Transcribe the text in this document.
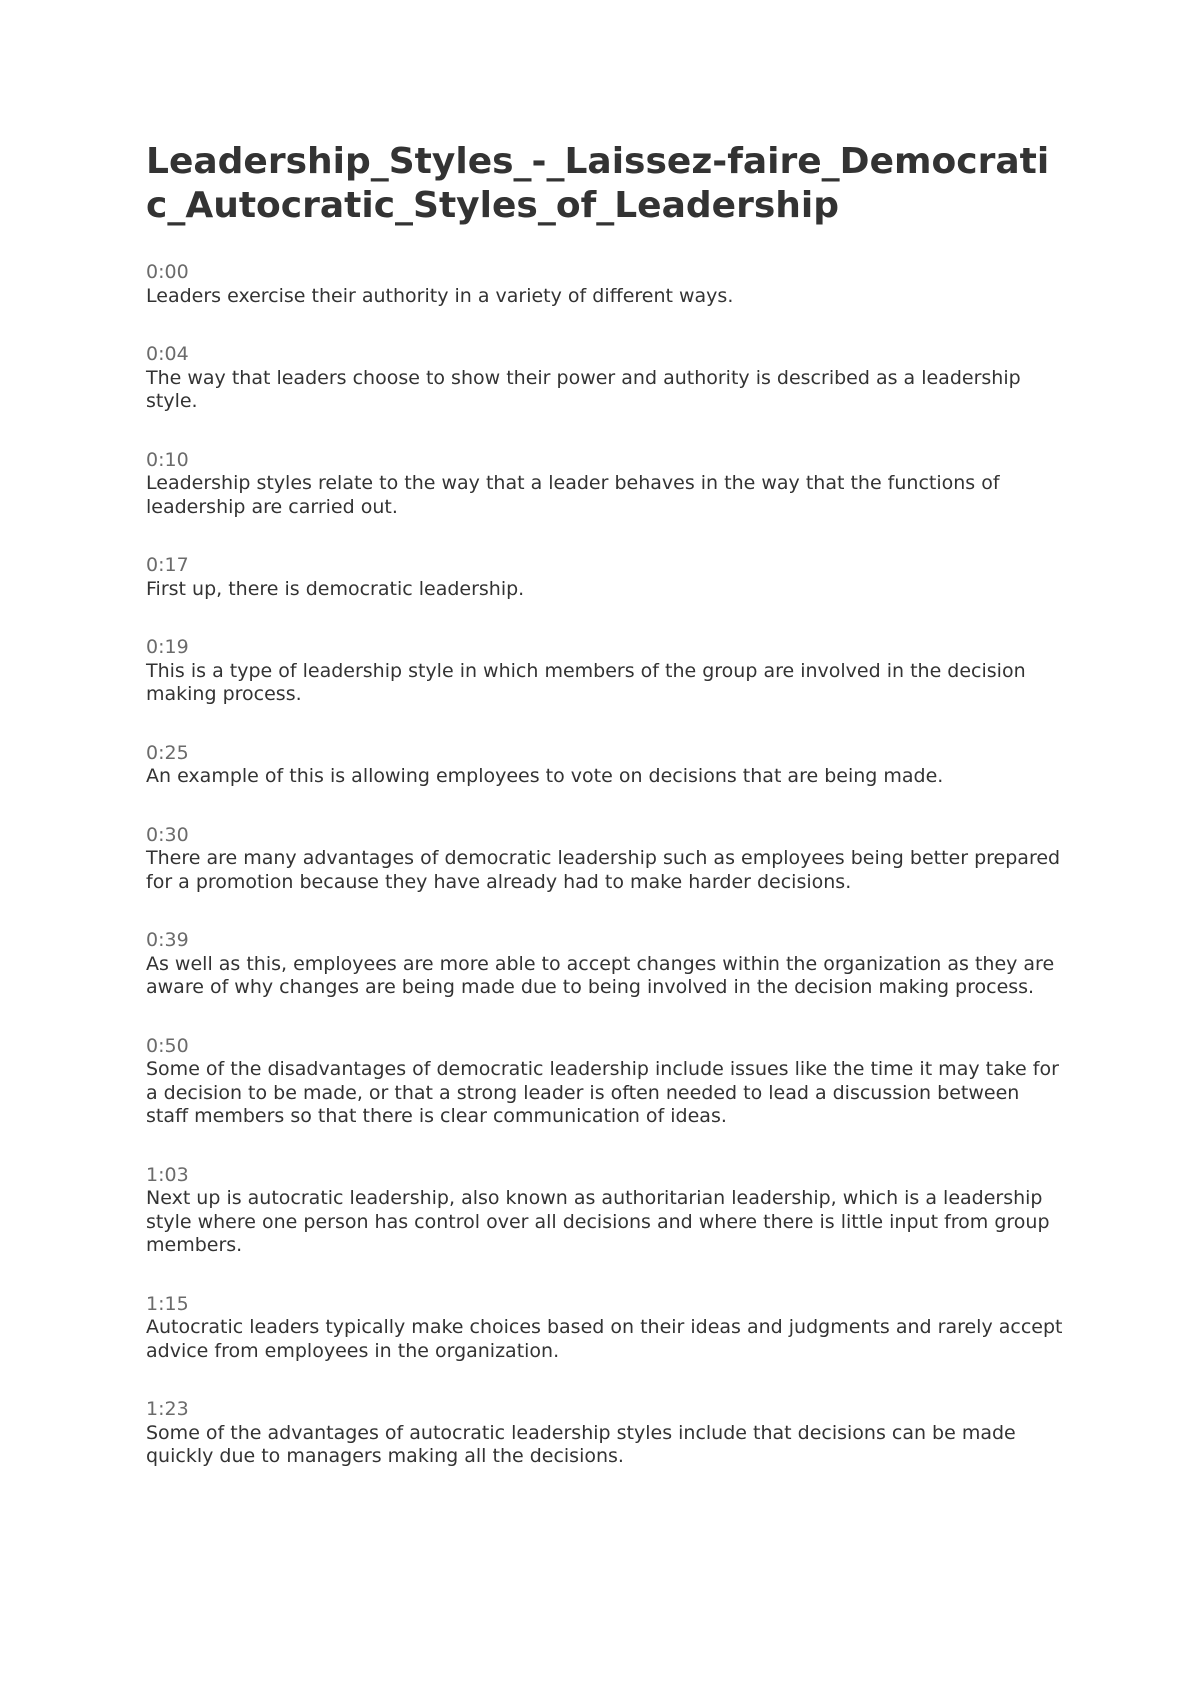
Leadership_Styles_-_Laissez-faire_Democratic_Autocratic_Styles_of_Leadership
0:00
Leaders exercise their authority in a variety of different ways.
0:04
The way that leaders choose to show their power and authority is described as a leadership style.
0:10
Leadership styles relate to the way that a leader behaves in the way that the functions of leadership are carried out.
0:17
First up, there is democratic leadership.
0:19
This is a type of leadership style in which members of the group are involved in the decision making process.
0:25
An example of this is allowing employees to vote on decisions that are being made.
0:30
There are many advantages of democratic leadership such as employees being better prepared for a promotion because they have already had to make harder decisions.
0:39
As well as this, employees are more able to accept changes within the organization as they are aware of why changes are being made due to being involved in the decision making process.
0:50
Some of the disadvantages of democratic leadership include issues like the time it may take for a decision to be made, or that a strong leader is often needed to lead a discussion between staff members so that there is clear communication of ideas.
1:03
Next up is autocratic leadership, also known as authoritarian leadership, which is a leadership style where one person has control over all decisions and where there is little input from group members.
1:15
Autocratic leaders typically make choices based on their ideas and judgments and rarely accept advice from employees in the organization.
1:23
Some of the advantages of autocratic leadership styles include that decisions can be made quickly due to managers making all the decisions.
